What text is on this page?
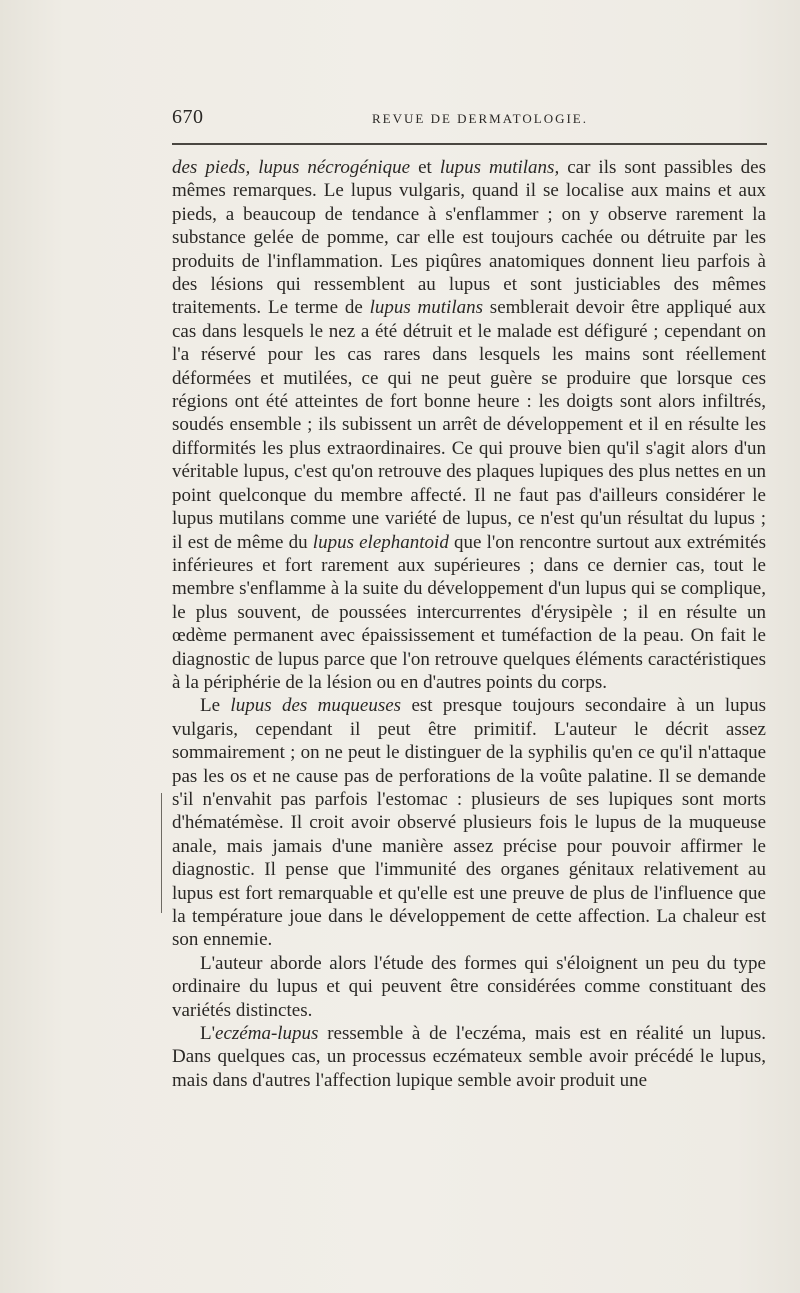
670	REVUE DE DERMATOLOGIE.

des pieds, lupus nécrogénique et lupus mutilans, car ils sont passibles des mêmes remarques. Le lupus vulgaris, quand il se localise aux mains et aux pieds, a beaucoup de tendance à s'enflammer ; on y observe rarement la substance gelée de pomme, car elle est toujours cachée ou détruite par les produits de l'inflammation. Les piqûres anatomiques donnent lieu parfois à des lésions qui ressemblent au lupus et sont justiciables des mêmes traitements. Le terme de lupus mutilans semblerait devoir être appliqué aux cas dans lesquels le nez a été détruit et le malade est défiguré ; cependant on l'a réservé pour les cas rares dans lesquels les mains sont réellement déformées et mutilées, ce qui ne peut guère se produire que lorsque ces régions ont été atteintes de fort bonne heure : les doigts sont alors infiltrés, soudés ensemble ; ils subissent un arrêt de développement et il en résulte les difformités les plus extraordinaires. Ce qui prouve bien qu'il s'agit alors d'un véritable lupus, c'est qu'on retrouve des plaques lupiques des plus nettes en un point quelconque du membre affecté. Il ne faut pas d'ailleurs considérer le lupus mutilans comme une variété de lupus, ce n'est qu'un résultat du lupus ; il est de même du lupus elephantoid que l'on rencontre surtout aux extrémités inférieures et fort rarement aux supérieures ; dans ce dernier cas, tout le membre s'enflamme à la suite du développement d'un lupus qui se complique, le plus souvent, de poussées intercurrentes d'érysipèle ; il en résulte un œdème permanent avec épaississement et tuméfaction de la peau. On fait le diagnostic de lupus parce que l'on retrouve quelques éléments caractéristiques à la périphérie de la lésion ou en d'autres points du corps.

Le lupus des muqueuses est presque toujours secondaire à un lupus vulgaris, cependant il peut être primitif. L'auteur le décrit assez sommairement ; on ne peut le distinguer de la syphilis qu'en ce qu'il n'attaque pas les os et ne cause pas de perforations de la voûte palatine. Il se demande s'il n'envahit pas parfois l'estomac : plusieurs de ses lupiques sont morts d'hématémèse. Il croit avoir observé plusieurs fois le lupus de la muqueuse anale, mais jamais d'une manière assez précise pour pouvoir affirmer le diagnostic. Il pense que l'immunité des organes génitaux relativement au lupus est fort remarquable et qu'elle est une preuve de plus de l'influence que la température joue dans le développement de cette affection. La chaleur est son ennemie.

L'auteur aborde alors l'étude des formes qui s'éloignent un peu du type ordinaire du lupus et qui peuvent être considérées comme constituant des variétés distinctes.

L'eczéma-lupus ressemble à de l'eczéma, mais est en réalité un lupus. Dans quelques cas, un processus eczémateux semble avoir précédé le lupus, mais dans d'autres l'affection lupique semble avoir produit une
